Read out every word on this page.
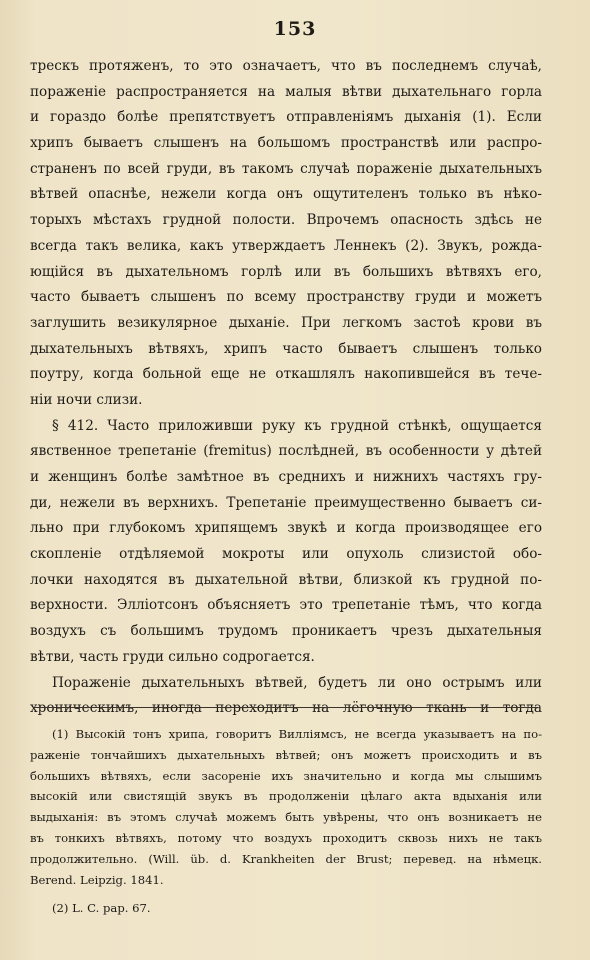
153
трескъ протяженъ, то это означаетъ, что въ последнемъ случаѣ,
пораженіе распространяется на малыя вѣтви дыхательнаго горла
и гораздо болѣе препятствуетъ отправленіямъ дыханія (1). Если
хрипъ бываетъ слышенъ на большомъ пространствѣ или распро-
страненъ по всей груди, въ такомъ случаѣ пораженіе дыхательныхъ
вѣтвей опаснѣе, нежели когда онъ ощутителенъ только въ нѣко-
торыхъ мѣстахъ грудной полости. Впрочемъ опасность здѣсь не
всегда такъ велика, какъ утверждаетъ Леннекъ (2). Звукъ, рожда-
ющійся въ дыхательномъ горлѣ или въ большихъ вѣтвяхъ его,
часто бываетъ слышенъ по всему пространству груди и можетъ
заглушить везикулярное дыханіе. При легкомъ застоѣ крови въ
дыхательныхъ вѣтвяхъ, хрипъ часто бываетъ слышенъ только
поутру, когда больной еще не откашлялъ накопившейся въ тече-
ніи ночи слизи.
§ 412. Часто приложивши руку къ грудной стѣнкѣ, ощущается
явственное трепетаніе (fremitus) послѣдней, въ особенности у дѣтей
и женщинъ болѣе замѣтное въ среднихъ и нижнихъ частяхъ гру-
ди, нежели въ верхнихъ. Трепетаніе преимущественно бываетъ си-
льно при глубокомъ хрипящемъ звукѣ и когда производящее его
скопленіе отдѣляемой мокроты или опухоль слизистой обо-
лочки находятся въ дыхательной вѣтви, близкой къ грудной по-
верхности. Эллiотсонъ объясняетъ это трепетаніе тѣмъ, что когда
воздухъ съ большимъ трудомъ проникаетъ чрезъ дыхательныя
вѣтви, часть груди сильно содрогается.
Пораженіе дыхательныхъ вѣтвей, будетъ ли оно острымъ или
хроническимъ, иногда переходитъ на лёгочную ткань и тогда
(1) Высокій тонъ хрипа, говоритъ Вилліямсъ, не всегда указываетъ на по-
раженіе тончайшихъ дыхательныхъ вѣтвей; онъ можетъ происходить и въ
большихъ вѣтвяхъ, если засореніе ихъ значительно и когда мы слышимъ
высокій или свистящій звукъ въ продолженіи цѣлаго акта вдыханія или
выдыханія: въ этомъ случаѣ можемъ быть увѣрены, что онъ возникаетъ не
въ тонкихъ вѣтвяхъ, потому что воздухъ проходитъ сквозь нихъ не такъ
продолжительно. (Will. üb. d. Krankheiten der Brust; перевед. на нѣмецк.
Berend. Leipzig. 1841.
(2) L. C. pap. 67.
